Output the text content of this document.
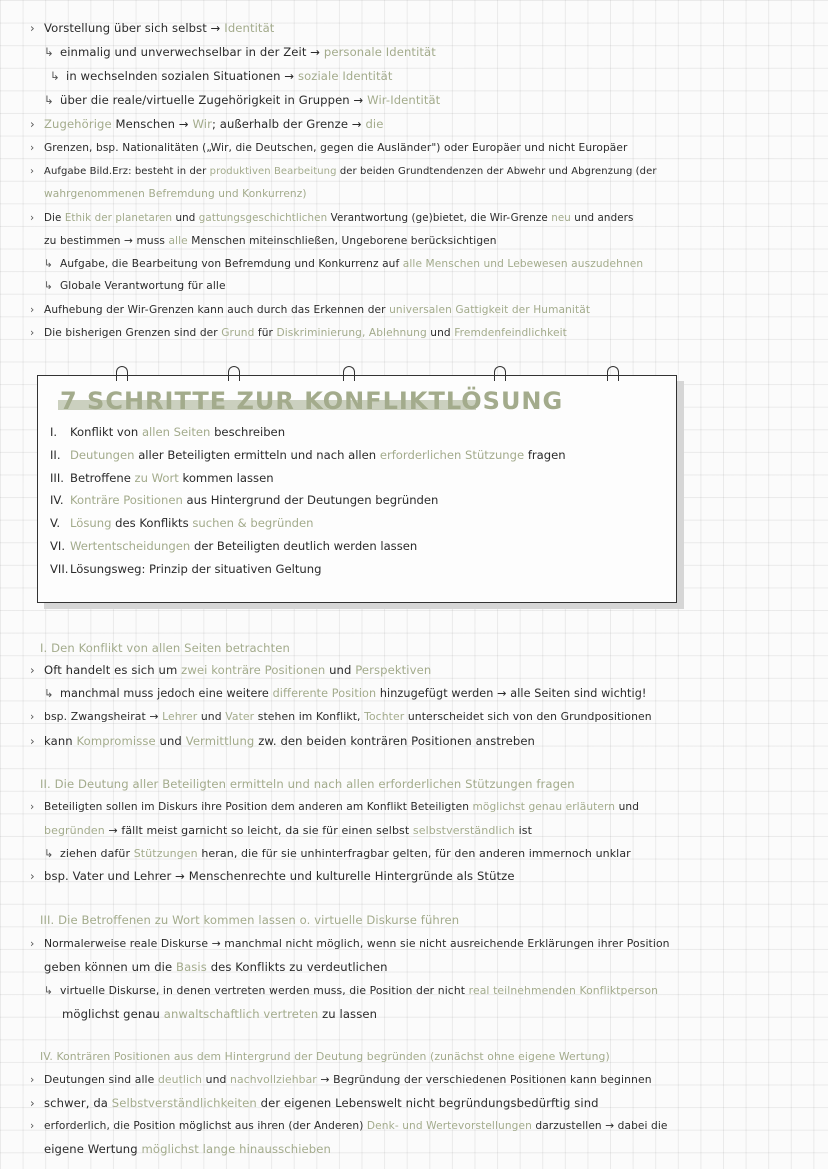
› Vorstellung über sich selbst → Identität
↳ einmalig und unverwechselbar in der Zeit → personale Identität
↳ in wechselnden sozialen Situationen → soziale Identität
↳ über die reale/virtuelle Zugehörigkeit in Gruppen → Wir-Identität
› Zugehörige Menschen → Wir; außerhalb der Grenze → die
› Grenzen, bsp. Nationalitäten („Wir, die Deutschen, gegen die Ausländer") oder Europäer und nicht Europäer
› Aufgabe Bild.Erz: besteht in der produktiven Bearbeitung der beiden Grundtendenzen der Abwehr und Abgrenzung (der
wahrgenommenen Befremdung und Konkurrenz)
› Die Ethik der planetaren und gattungsgeschichtlichen Verantwortung (ge)bietet, die Wir-Grenze neu und anders
zu bestimmen → muss alle Menschen miteinschließen, Ungeborene berücksichtigen
↳ Aufgabe, die Bearbeitung von Befremdung und Konkurrenz auf alle Menschen und Lebewesen auszudehnen
↳ Globale Verantwortung für alle
› Aufhebung der Wir-Grenzen kann auch durch das Erkennen der universalen Gattigkeit der Humanität
› Die bisherigen Grenzen sind der Grund für Diskriminierung, Ablehnung und Fremdenfeindlichkeit
7 SCHRITTE ZUR KONFLIKTLÖSUNG
I. Konflikt von allen Seiten beschreiben
II. Deutungen aller Beteiligten ermitteln und nach allen erforderlichen Stützunge fragen
III. Betroffene zu Wort kommen lassen
IV. Konträre Positionen aus Hintergrund der Deutungen begründen
V. Lösung des Konflikts suchen & begründen
VI. Wertentscheidungen der Beteiligten deutlich werden lassen
VII. Lösungsweg: Prinzip der situativen Geltung
I. Den Konflikt von allen Seiten betrachten
› Oft handelt es sich um zwei konträre Positionen und Perspektiven
↳ manchmal muss jedoch eine weitere differente Position hinzugefügt werden → alle Seiten sind wichtig!
› bsp. Zwangsheirat → Lehrer und Vater stehen im Konflikt, Tochter unterscheidet sich von den Grundpositionen
› kann Kompromisse und Vermittlung zw. den beiden konträren Positionen anstreben
II. Die Deutung aller Beteiligten ermitteln und nach allen erforderlichen Stützungen fragen
› Beteiligten sollen im Diskurs ihre Position dem anderen am Konflikt Beteiligten möglichst genau erläutern und
begründen → fällt meist garnicht so leicht, da sie für einen selbst selbstverständlich ist
↳ ziehen dafür Stützungen heran, die für sie unhinterfragbar gelten, für den anderen immernoch unklar
› bsp. Vater und Lehrer → Menschenrechte und kulturelle Hintergründe als Stütze
III. Die Betroffenen zu Wort kommen lassen o. virtuelle Diskurse führen
› Normalerweise reale Diskurse → manchmal nicht möglich, wenn sie nicht ausreichende Erklärungen ihrer Position
geben können um die Basis des Konflikts zu verdeutlichen
↳ virtuelle Diskurse, in denen vertreten werden muss, die Position der nicht real teilnehmenden Konfliktperson
möglichst genau anwaltschaftlich vertreten zu lassen
IV. Konträren Positionen aus dem Hintergrund der Deutung begründen (zunächst ohne eigene Wertung)
› Deutungen sind alle deutlich und nachvollziehbar → Begründung der verschiedenen Positionen kann beginnen
› schwer, da Selbstverständlichkeiten der eigenen Lebenswelt nicht begründungsbedürftig sind
› erforderlich, die Position möglichst aus ihren (der Anderen) Denk- und Wertevorstellungen darzustellen → dabei die
eigene Wertung möglichst lange hinausschieben
